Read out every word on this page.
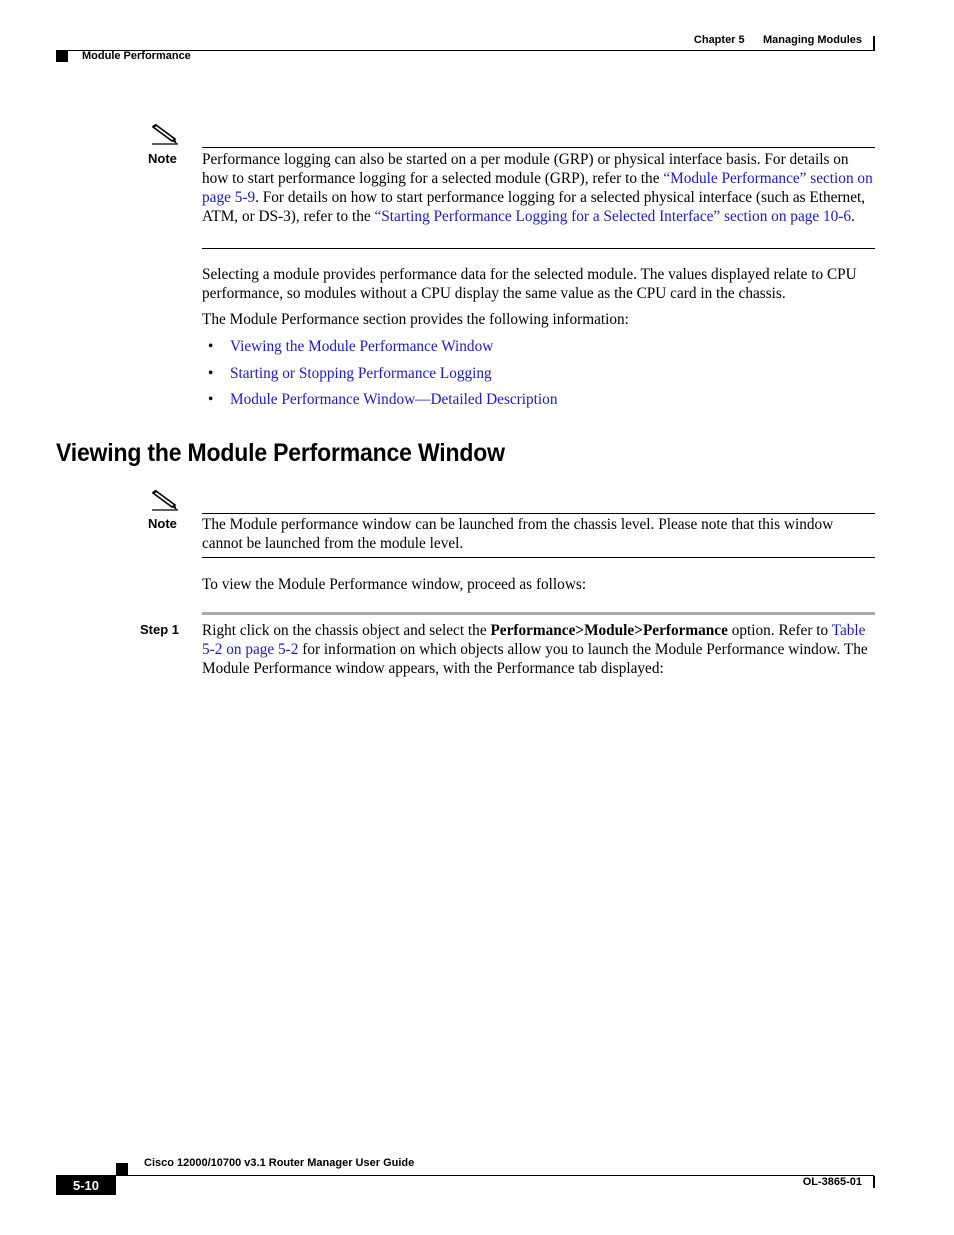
Chapter 5 Managing Modules
Module Performance
Note Performance logging can also be started on a per module (GRP) or physical interface basis. For details on how to start performance logging for a selected module (GRP), refer to the “Module Performance” section on page 5-9. For details on how to start performance logging for a selected physical interface (such as Ethernet, ATM, or DS-3), refer to the “Starting Performance Logging for a Selected Interface” section on page 10-6.
Selecting a module provides performance data for the selected module. The values displayed relate to CPU performance, so modules without a CPU display the same value as the CPU card in the chassis.
The Module Performance section provides the following information:
• Viewing the Module Performance Window
• Starting or Stopping Performance Logging
• Module Performance Window—Detailed Description
Viewing the Module Performance Window
Note The Module performance window can be launched from the chassis level. Please note that this window cannot be launched from the module level.
To view the Module Performance window, proceed as follows:
Step 1 Right click on the chassis object and select the Performance>Module>Performance option. Refer to Table 5-2 on page 5-2 for information on which objects allow you to launch the Module Performance window. The Module Performance window appears, with the Performance tab displayed:
Cisco 12000/10700 v3.1 Router Manager User Guide
5-10	OL-3865-01
